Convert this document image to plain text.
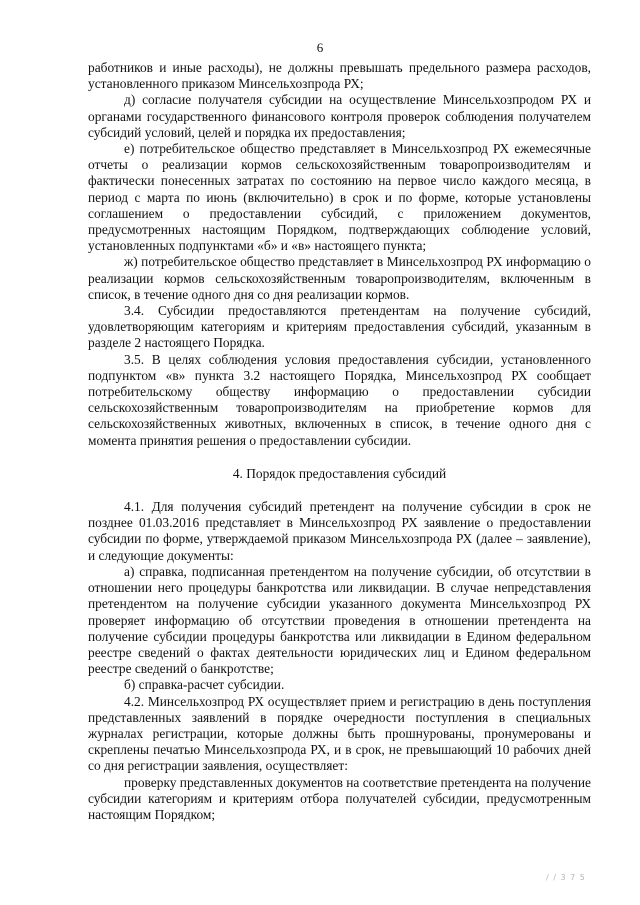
6

работников и иные расходы), не должны превышать предельного размера расходов, установленного приказом Минсельхозпрода РХ;

д) согласие получателя субсидии на осуществление Минсельхозпродом РХ и органами государственного финансового контроля проверок соблюдения получателем субсидий условий, целей и порядка их предоставления;

е) потребительское общество представляет в Минсельхозпрод РХ ежемесячные отчеты о реализации кормов сельскохозяйственным товаропроизводителям и фактически понесенных затратах по состоянию на первое число каждого месяца, в период с марта по июнь (включительно) в срок и по форме, которые установлены соглашением о предоставлении субсидий, с приложением документов, предусмотренных настоящим Порядком, подтверждающих соблюдение условий, установленных подпунктами «б» и «в» настоящего пункта;

ж) потребительское общество представляет в Минсельхозпрод РХ информацию о реализации кормов сельскохозяйственным товаропроизводителям, включенным в список, в течение одного дня со дня реализации кормов.

3.4. Субсидии предоставляются претендентам на получение субсидий, удовлетворяющим категориям и критериям предоставления субсидий, указанным в разделе 2 настоящего Порядка.

3.5. В целях соблюдения условия предоставления субсидии, установленного подпунктом «в» пункта 3.2 настоящего Порядка, Минсельхозпрод РХ сообщает потребительскому обществу информацию о предоставлении субсидии сельскохозяйственным товаропроизводителям на приобретение кормов для сельскохозяйственных животных, включенных в список, в течение одного дня с момента принятия решения о предоставлении субсидии.

4. Порядок предоставления субсидий

4.1. Для получения субсидий претендент на получение субсидии в срок не позднее 01.03.2016 представляет в Минсельхозпрод РХ заявление о предоставлении субсидии по форме, утверждаемой приказом Минсельхозпрода РХ (далее – заявление), и следующие документы:

а) справка, подписанная претендентом на получение субсидии, об отсутствии в отношении него процедуры банкротства или ликвидации. В случае непредставления претендентом на получение субсидии указанного документа Минсельхозпрод РХ проверяет информацию об отсутствии проведения в отношении претендента на получение субсидии процедуры банкротства или ликвидации в Едином федеральном реестре сведений о фактах деятельности юридических лиц и Едином федеральном реестре сведений о банкротстве;

б) справка-расчет субсидии.

4.2. Минсельхозпрод РХ осуществляет прием и регистрацию в день поступления представленных заявлений в порядке очередности поступления в специальных журналах регистрации, которые должны быть прошнурованы, пронумерованы и скреплены печатью Минсельхозпрода РХ, и в срок, не превышающий 10 рабочих дней со дня регистрации заявления, осуществляет:

проверку представленных документов на соответствие претендента на получение субсидии категориям и критериям отбора получателей субсидии, предусмотренным настоящим Порядком;

/ / 3 7 5
